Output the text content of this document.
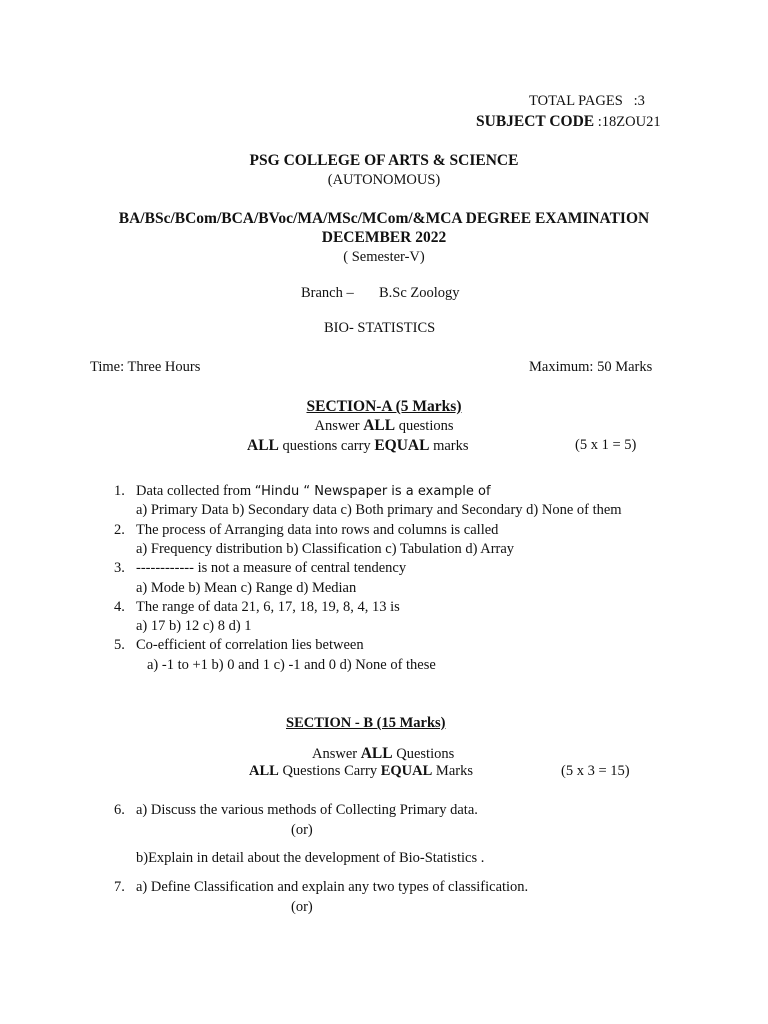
TOTAL PAGES :3
SUBJECT CODE :18ZOU21
PSG COLLEGE OF ARTS & SCIENCE
(AUTONOMOUS)
BA/BSc/BCom/BCA/BVoc/MA/MSc/MCom/&MCA DEGREE EXAMINATION
DECEMBER 2022
( Semester-V)
Branch – B.Sc Zoology
BIO- STATISTICS
Time: Three Hours	Maximum: 50 Marks
SECTION-A (5 Marks)
Answer ALL questions
ALL questions carry EQUAL marks	(5 x 1 = 5)
1. Data collected from “Hindu “ Newspaper is a example of
a) Primary Data b) Secondary data c) Both primary and Secondary d) None of them
2. The process of Arranging data into rows and columns is called
a) Frequency distribution b) Classification c) Tabulation d) Array
3. ------------ is not a measure of central tendency
a) Mode b) Mean c) Range d) Median
4. The range of data 21, 6, 17, 18, 19, 8, 4, 13 is
a) 17 b) 12 c) 8 d) 1
5. Co-efficient of correlation lies between
a) -1 to +1 b) 0 and 1 c) -1 and 0 d) None of these
SECTION - B (15 Marks)
Answer ALL Questions
ALL Questions Carry EQUAL Marks	(5 x 3 = 15)
6. a) Discuss the various methods of Collecting Primary data.
(or)
b)Explain in detail about the development of Bio-Statistics .
7. a) Define Classification and explain any two types of classification.
(or)
